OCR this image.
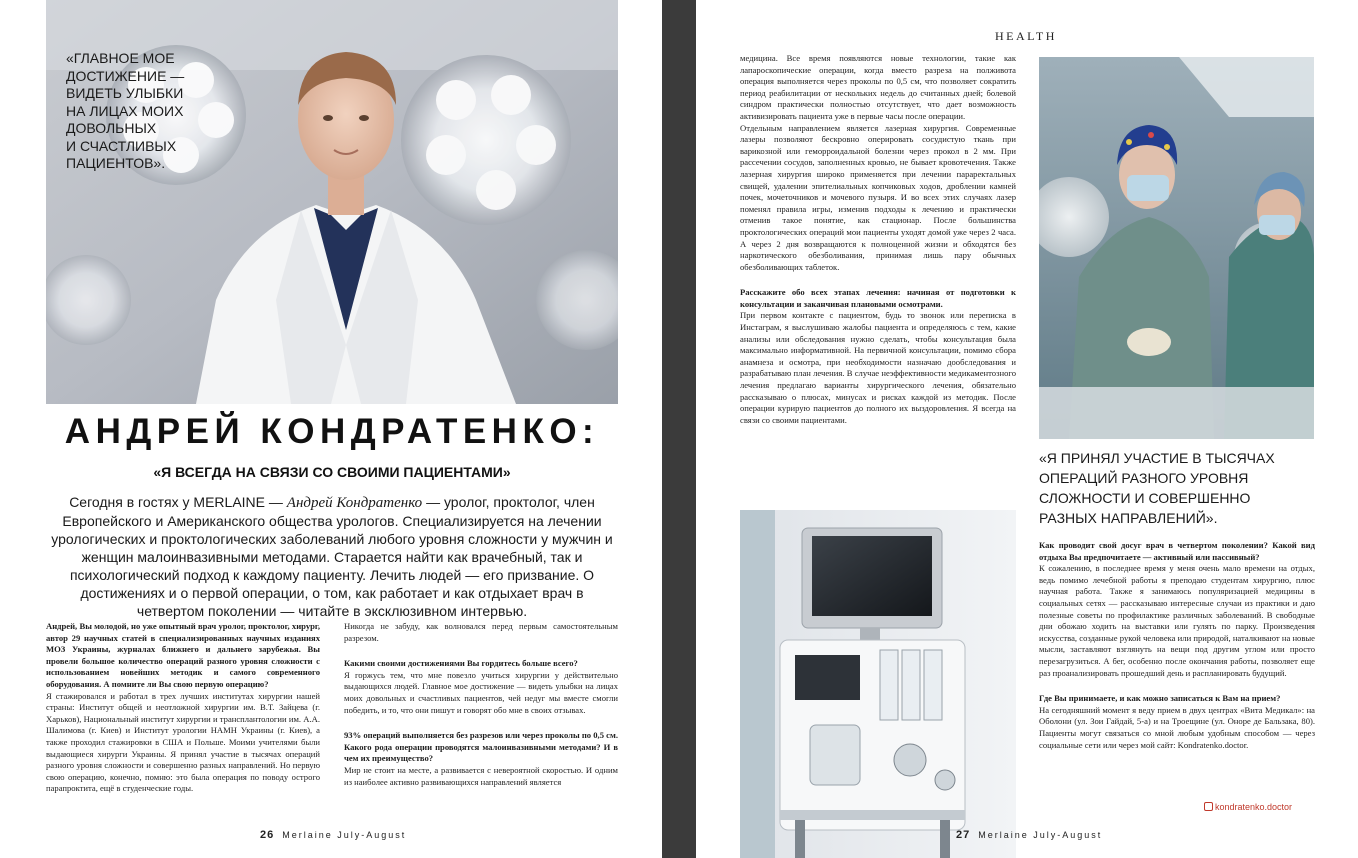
«ГЛАВНОЕ МОЕ
ДОСТИЖЕНИЕ —
ВИДЕТЬ УЛЫБКИ
НА ЛИЦАХ МОИХ
ДОВОЛЬНЫХ
И СЧАСТЛИВЫХ
ПАЦИЕНТОВ».
АНДРЕЙ КОНДРАТЕНКО:
«Я ВСЕГДА НА СВЯЗИ СО СВОИМИ ПАЦИЕНТАМИ»
Сегодня в гостях у MERLAINE — Андрей Кондратенко — уролог, проктолог, член Европейского и Американского общества урологов. Специализируется на лечении урологических и проктологических заболеваний любого уровня сложности у мужчин и женщин малоинвазивными методами. Старается найти как врачебный, так и психологический подход к каждому пациенту. Лечить людей — его призвание. О достижениях и о первой операции, о том, как работает и как отдыхает врач в четвертом поколении — читайте в эксклюзивном интервью.

Андрей, Вы молодой, но уже опытный врач уролог, проктолог, хирург, автор 29 научных статей в специализированных научных изданиях МОЗ Украины, журналах ближнего и дальнего зарубежья. Вы провели большое количество операций разного уровня сложности с использованием новейших методик и самого современного оборудования. А помните ли Вы свою первую операцию?
Я стажировался и работал в трех лучших институтах хирургии нашей страны: Институт общей и неотложной хирургии им. В.Т. Зайцева (г. Харьков), Национальный институт хирургии и трансплантологии им. А.А. Шалимова (г. Киев) и Институт урологии НАМН Украины (г. Киев), а также проходил стажировки в США и Польше. Моими учителями были выдающиеся хирурги Украины. Я принял участие в тысячах операций разного уровня сложности и совершенно разных направлений. Но первую свою операцию, конечно, помню: это была операция по поводу острого парапроктита, ещё в студенческие годы.

Никогда не забуду, как волновался перед первым самостоятельным разрезом.

Какими своими достижениями Вы гордитесь больше всего?
Я горжусь тем, что мне повезло учиться хирургии у действительно выдающихся людей. Главное мое достижение — видеть улыбки на лицах моих довольных и счастливых пациентов, чей недуг мы вместе смогли победить, и то, что они пишут и говорят обо мне в своих отзывах.

93% операций выполняется без разрезов или через проколы по 0,5 см. Какого рода операции проводятся малоинвазивными методами? И в чем их преимущество?
Мир не стоит на месте, а развивается с невероятной скоростью. И одним из наиболее активно развивающихся направлений является

26 Merlaine July-August
HEALTH

медицина. Все время появляются новые технологии, такие как лапароскопические операции, когда вместо разреза на полживота операция выполняется через проколы по 0,5 см, что позволяет сократить период реабилитации от нескольких недель до считанных дней; болевой синдром практически полностью отсутствует, что дает возможность активизировать пациента уже в первые часы после операции.

Отдельным направлением является лазерная хирургия. Современные лазеры позволяют бескровно оперировать сосудистую ткань при варикозной или геморроидальной болезни через прокол в 2 мм. При рассечении сосудов, заполненных кровью, не бывает кровотечения. Также лазерная хирургия широко применяется при лечении параректальных свищей, удалении эпителиальных копчиковых ходов, дроблении камней почек, мочеточников и мочевого пузыря. И во всех этих случаях лазер поменял правила игры, изменив подходы к лечению и практически отменив такое понятие, как стационар. После большинства проктологических операций мои пациенты уходят домой уже через 2 часа. А через 2 дня возвращаются к полноценной жизни и обходятся без наркотического обезболивания, принимая лишь пару обычных обезболивающих таблеток.

Расскажите обо всех этапах лечения: начиная от подготовки к консультации и заканчивая плановыми осмотрами.
При первом контакте с пациентом, будь то звонок или переписка в Инстаграм, я выслушиваю жалобы пациента и определяюсь с тем, какие анализы или обследования нужно сделать, чтобы консультация была максимально информативной. На первичной консультации, помимо сбора анамнеза и осмотра, при необходимости назначаю дообследования и разрабатываю план лечения. В случае неэффективности медикаментозного лечения предлагаю варианты хирургического лечения, обязательно рассказываю о плюсах, минусах и рисках каждой из методик. После операции курирую пациентов до полного их выздоровления. Я всегда на связи со своими пациентами.

«Я ПРИНЯЛ УЧАСТИЕ В ТЫСЯЧАХ
ОПЕРАЦИЙ РАЗНОГО УРОВНЯ
СЛОЖНОСТИ И СОВЕРШЕННО
РАЗНЫХ НАПРАВЛЕНИЙ».

Как проводит свой досуг врач в четвертом поколении? Какой вид отдыха Вы предпочитаете — активный или пассивный?
К сожалению, в последнее время у меня очень мало времени на отдых, ведь помимо лечебной работы я преподаю студентам хирургию, плюс научная работа. Также я занимаюсь популяризацией медицины в социальных сетях — рассказываю интересные случаи из практики и даю полезные советы по профилактике различных заболеваний. В свободные дни обожаю ходить на выставки или гулять по парку. Произведения искусства, созданные рукой человека или природой, наталкивают на новые мысли, заставляют взглянуть на вещи под другим углом или просто перезагрузиться. А бег, особенно после окончания работы, позволяет еще раз проанализировать прошедший день и распланировать будущий.

Где Вы принимаете, и как можно записаться к Вам на прием?
На сегодняшний момент я веду прием в двух центрах «Вита Медикал»: на Оболони (ул. Зои Гайдай, 5-а) и на Троещине (ул. Оноре де Бальзака, 80). Пациенты могут связаться со мной любым удобным способом — через социальные сети или через мой сайт: Kondratenko.doctor.

kondratenko.doctor
27 Merlaine July-August
